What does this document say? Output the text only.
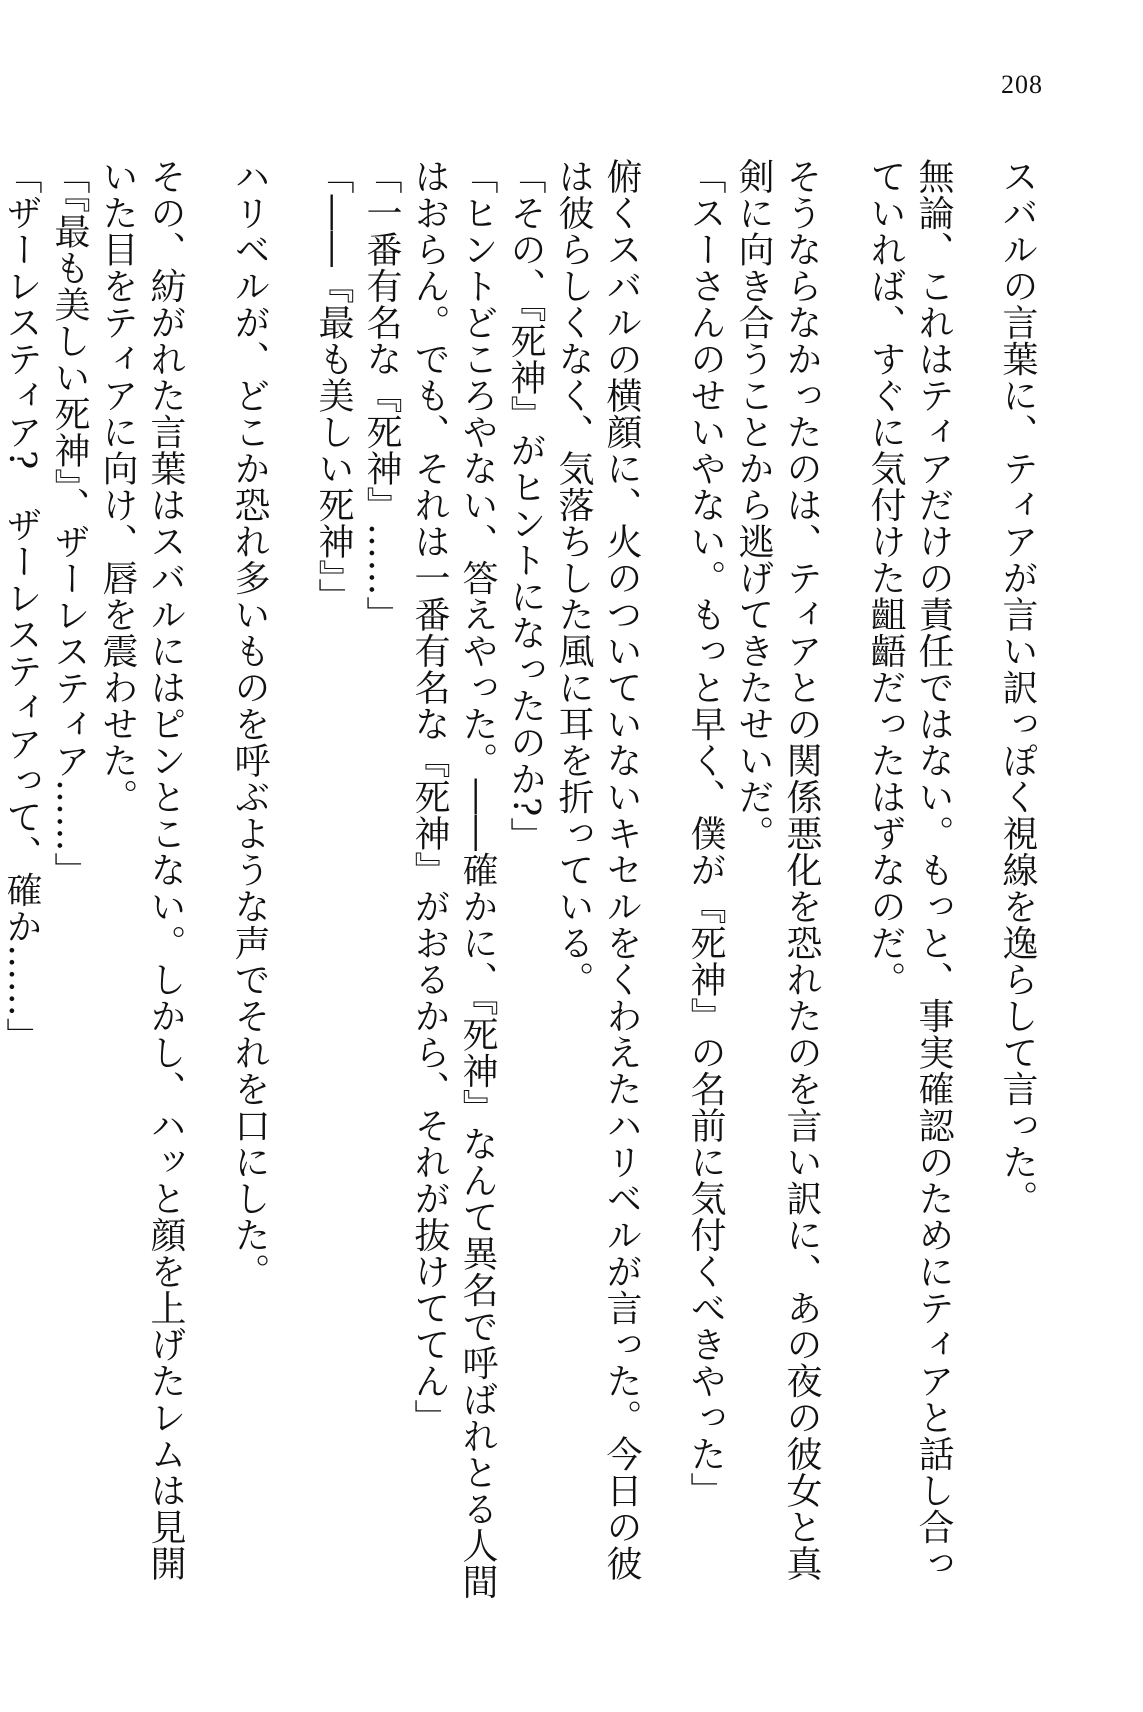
208
スバルの言葉に、ティアが言い訳っぽく視線を逸らして言った。
無論、これはティアだけの責任ではない。もっと、事実確認のためにティアと話し合っ
ていれば、すぐに気付けた齟齬だったはずなのだ。
そうならなかったのは、ティアとの関係悪化を恐れたのを言い訳に、あの夜の彼女と真
剣に向き合うことから逃げてきたせいだ。
「スーさんのせいやない。もっと早く、僕が『死神』の名前に気付くべきやった」
俯くスバルの横顔に、火のついていないキセルをくわえたハリベルが言った。今日の彼
は彼らしくなく、気落ちした風に耳を折っている。
「その、『死神』がヒントになったのか?」
「ヒントどころやない、答えやった。――確かに、『死神』なんて異名で呼ばれとる人間
はおらん。でも、それは一番有名な『死神』がおるから、それが抜けててん」
「一番有名な『死神』……」
「――『最も美しい死神』」
ハリベルが、どこか恐れ多いものを呼ぶような声でそれを口にした。
その、紡がれた言葉はスバルにはピンとこない。しかし、ハッと顔を上げたレムは見開
いた目をティアに向け、唇を震わせた。
「『最も美しい死神』、ザーレスティア……」
「ザーレスティア?　ザーレスティアって、確か……」
